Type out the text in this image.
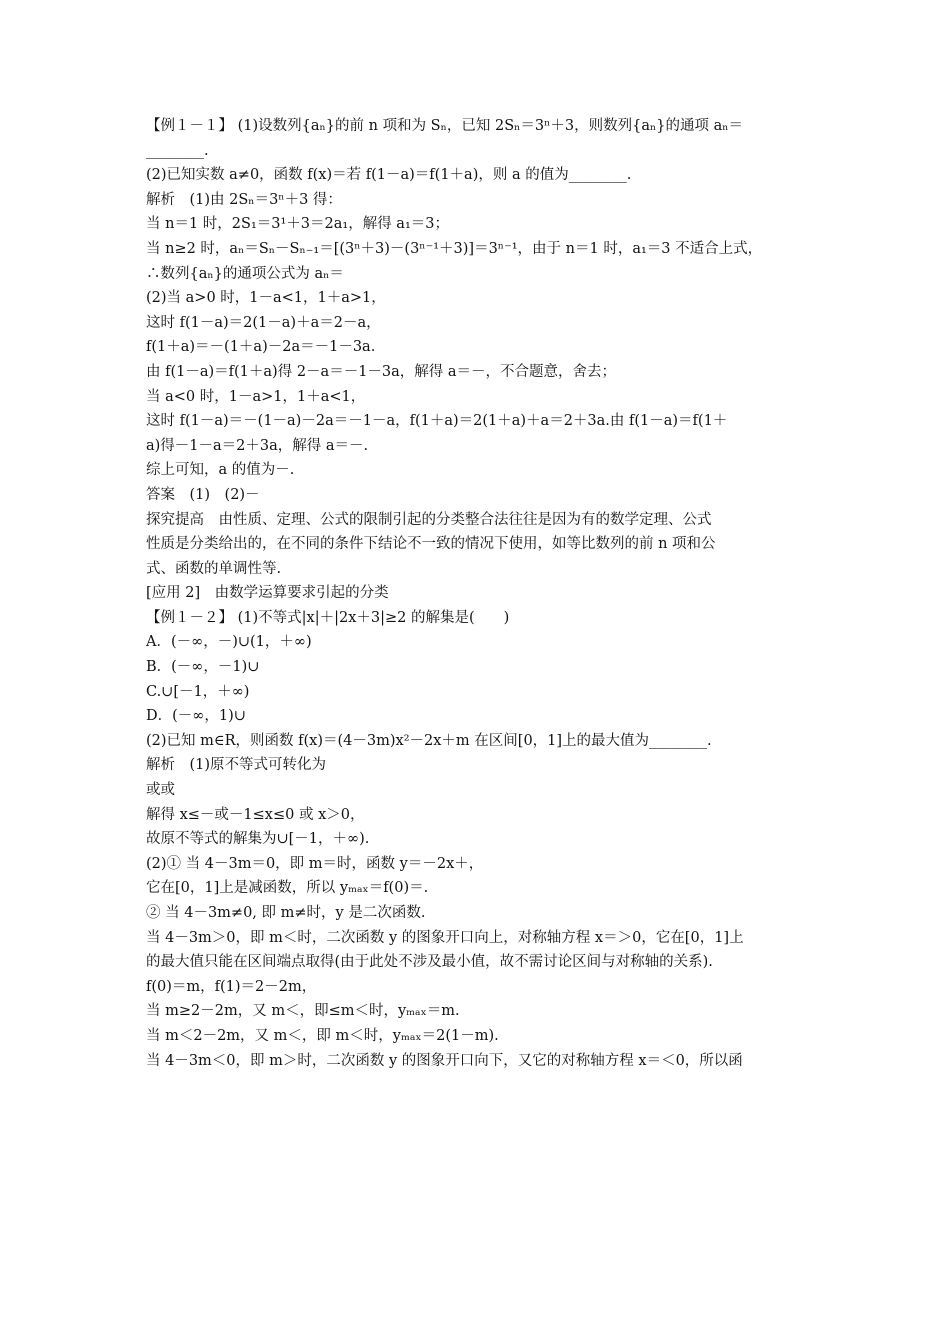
【例１－１】 (1)设数列{aₙ}的前 n 项和为 Sₙ，已知 2Sₙ＝3ⁿ＋3，则数列{aₙ}的通项 aₙ＝
________.
(2)已知实数 a≠0，函数 f(x)＝若 f(1－a)＝f(1＋a)，则 a 的值为________.
解析　(1)由 2Sₙ＝3ⁿ＋3 得：
当 n＝1 时，2S₁＝3¹＋3＝2a₁，解得 a₁＝3；
当 n≥2 时，aₙ＝Sₙ－Sₙ₋₁＝[(3ⁿ＋3)－(3ⁿ⁻¹＋3)]＝3ⁿ⁻¹，由于 n＝1 时，a₁＝3 不适合上式，
∴数列{aₙ}的通项公式为 aₙ＝
(2)当 a>0 时，1－a<1，1＋a>1，
这时 f(1－a)＝2(1－a)＋a＝2－a，
f(1＋a)＝－(1＋a)－2a＝－1－3a.
由 f(1－a)＝f(1＋a)得 2－a＝－1－3a，解得 a＝－，不合题意，舍去；
当 a<0 时，1－a>1，1＋a<1，
这时 f(1－a)＝－(1－a)－2a＝－1－a，f(1＋a)＝2(1＋a)＋a＝2＋3a.由 f(1－a)＝f(1＋
a)得－1－a＝2＋3a，解得 a＝－.
综上可知，a 的值为－.
答案　(1)　(2)－
探究提高　由性质、定理、公式的限制引起的分类整合法往往是因为有的数学定理、公式
性质是分类给出的，在不同的条件下结论不一致的情况下使用，如等比数列的前 n 项和公
式、函数的单调性等.
[应用 2]　由数学运算要求引起的分类
【例１－２】 (1)不等式|x|＋|2x＋3|≥2 的解集是(　　)
A．(－∞，－)∪(1，＋∞)
B．(－∞，－1)∪
C.∪[－1，＋∞)
D．(－∞，1)∪
(2)已知 m∈R，则函数 f(x)＝(4－3m)x²－2x＋m 在区间[0，1]上的最大值为________.
解析　(1)原不等式可转化为
或或
解得 x≤－或－1≤x≤0 或 x＞0，
故原不等式的解集为∪[－1，＋∞).
(2)① 当 4－3m＝0，即 m＝时，函数 y＝－2x＋，
它在[0，1]上是减函数，所以 yₘₐₓ＝f(0)＝.
② 当 4－3m≠0, 即 m≠时，y 是二次函数.
当 4－3m＞0，即 m＜时，二次函数 y 的图象开口向上，对称轴方程 x＝＞0，它在[0，1]上
的最大值只能在区间端点取得(由于此处不涉及最小值，故不需讨论区间与对称轴的关系).
f(0)＝m，f(1)＝2－2m，
当 m≥2－2m，又 m＜，即≤m＜时，yₘₐₓ＝m.
当 m＜2－2m，又 m＜，即 m＜时，yₘₐₓ＝2(1－m).
当 4－3m＜0，即 m＞时，二次函数 y 的图象开口向下，又它的对称轴方程 x＝＜0，所以函
